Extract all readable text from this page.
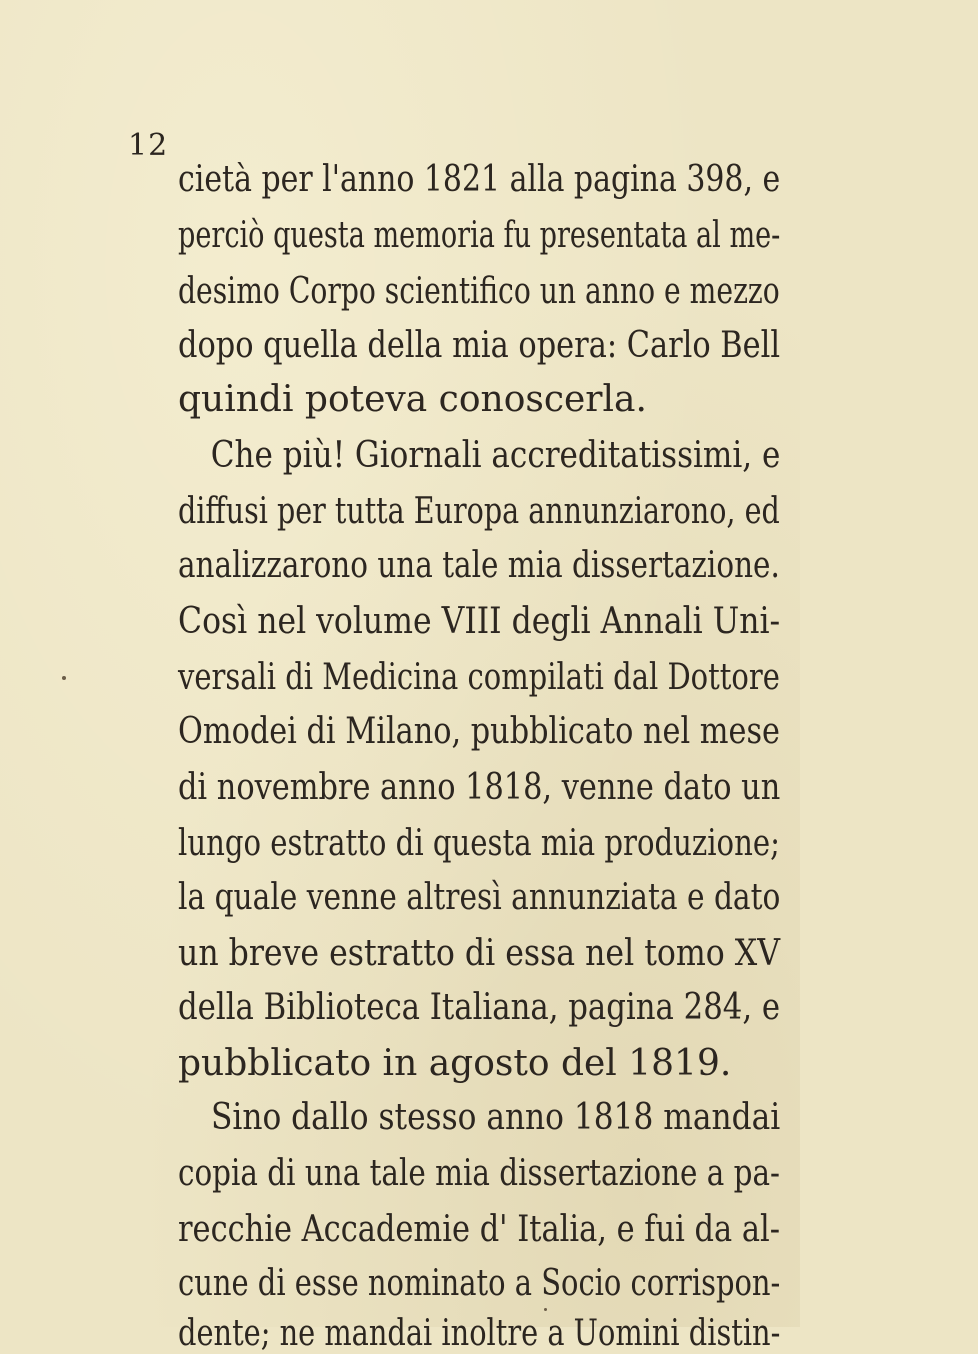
12
cietà per l'anno 1821 alla pagina 398, e
perciò questa memoria fu presentata al me-
desimo Corpo scientifico un anno e mezzo
dopo quella della mia opera: Carlo Bell
quindi poteva conoscerla.
Che più! Giornali accreditatissimi, e
diffusi per tutta Europa annunziarono, ed
analizzarono una tale mia dissertazione.
Così nel volume VIII degli Annali Uni-
versali di Medicina compilati dal Dottore
Omodei di Milano, pubblicato nel mese
di novembre anno 1818, venne dato un
lungo estratto di questa mia produzione;
la quale venne altresì annunziata e dato
un breve estratto di essa nel tomo XV
della Biblioteca Italiana, pagina 284, e
pubblicato in agosto del 1819.
Sino dallo stesso anno 1818 mandai
copia di una tale mia dissertazione a pa-
recchie Accademie d' Italia, e fui da al-
cune di esse nominato a Socio corrispon-
dente; ne mandai inoltre a Uomini distin-
